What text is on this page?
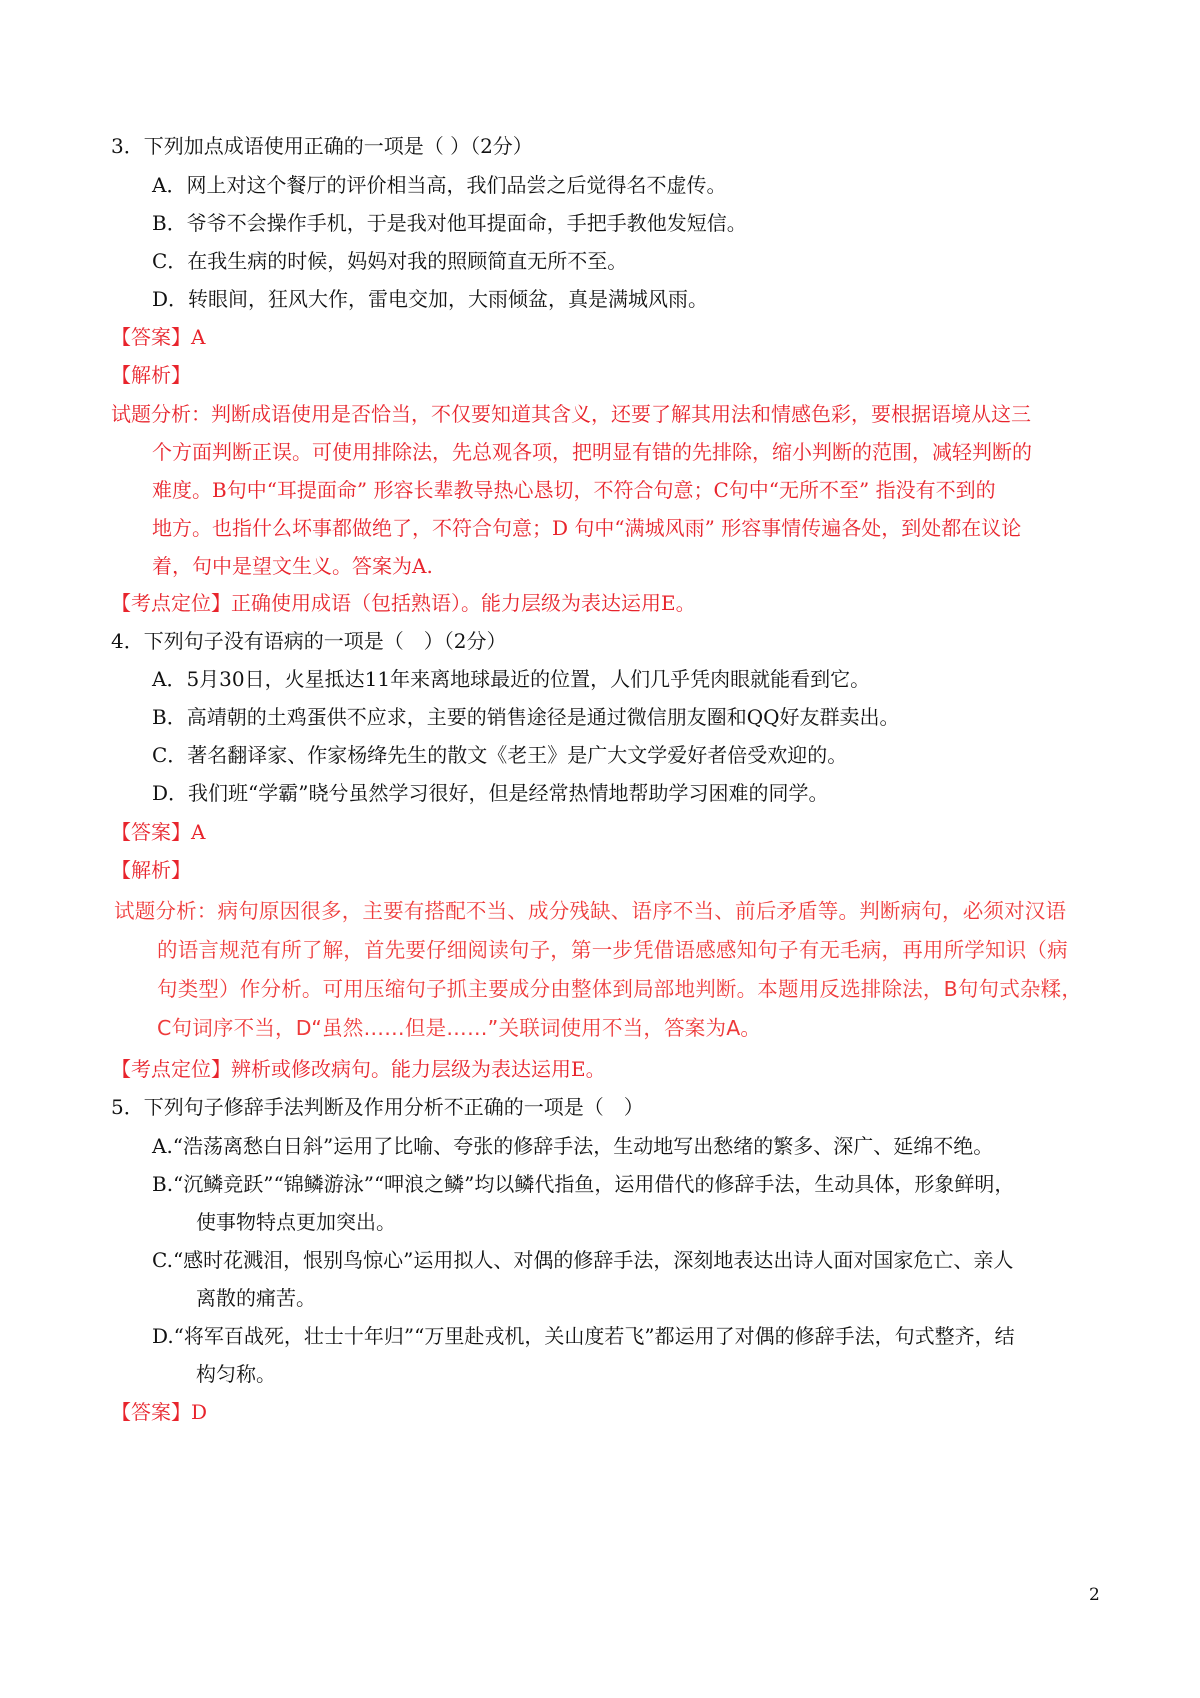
3．下列加点成语使用正确的一项是（ ）（2分）

A．网上对这个餐厅的评价相当高，我们品尝之后觉得名不虚传。

B．爷爷不会操作手机，于是我对他耳提面命，手把手教他发短信。

C．在我生病的时候，妈妈对我的照顾简直无所不至。

D．转眼间，狂风大作，雷电交加，大雨倾盆，真是满城风雨。

【答案】A

【解析】

试题分析：判断成语使用是否恰当，不仅要知道其含义，还要了解其用法和情感色彩，要根据语境从这三

个方面判断正误。可使用排除法，先总观各项，把明显有错的先排除，缩小判断的范围，减轻判断的

难度。B句中“耳提面命” 形容长辈教导热心恳切，不符合句意；C句中“无所不至” 指没有不到的

地方。也指什么坏事都做绝了，不符合句意；D 句中“满城风雨” 形容事情传遍各处，到处都在议论

着，句中是望文生义。答案为A.

【考点定位】正确使用成语（包括熟语）。能力层级为表达运用E。

4．下列句子没有语病的一项是（　）（2分）

A．5月30日，火星抵达11年来离地球最近的位置，人们几乎凭肉眼就能看到它。

B．高靖朝的土鸡蛋供不应求，主要的销售途径是通过微信朋友圈和QQ好友群卖出。

C．著名翻译家、作家杨绛先生的散文《老王》是广大文学爱好者倍受欢迎的。

D．我们班“学霸”晓兮虽然学习很好，但是经常热情地帮助学习困难的同学。

【答案】A

【解析】

试题分析：病句原因很多，主要有搭配不当、成分残缺、语序不当、前后矛盾等。判断病句，必须对汉语

的语言规范有所了解，首先要仔细阅读句子，第一步凭借语感感知句子有无毛病，再用所学知识（病

句类型）作分析。可用压缩句子抓主要成分由整体到局部地判断。本题用反选排除法，B句句式杂糅，

C句词序不当，D“虽然……但是……”关联词使用不当，答案为A。

【考点定位】辨析或修改病句。能力层级为表达运用E。

5．下列句子修辞手法判断及作用分析不正确的一项是（　）

A.“浩荡离愁白日斜”运用了比喻、夸张的修辞手法，生动地写出愁绪的繁多、深广、延绵不绝。

B.“沉鳞竞跃”“锦鳞游泳”“呷浪之鳞”均以鳞代指鱼，运用借代的修辞手法，生动具体，形象鲜明，

使事物特点更加突出。

C.“感时花溅泪，恨别鸟惊心”运用拟人、对偶的修辞手法，深刻地表达出诗人面对国家危亡、亲人

离散的痛苦。

D.“将军百战死，壮士十年归”“万里赴戎机，关山度若飞”都运用了对偶的修辞手法，句式整齐，结

构匀称。

【答案】D

2
